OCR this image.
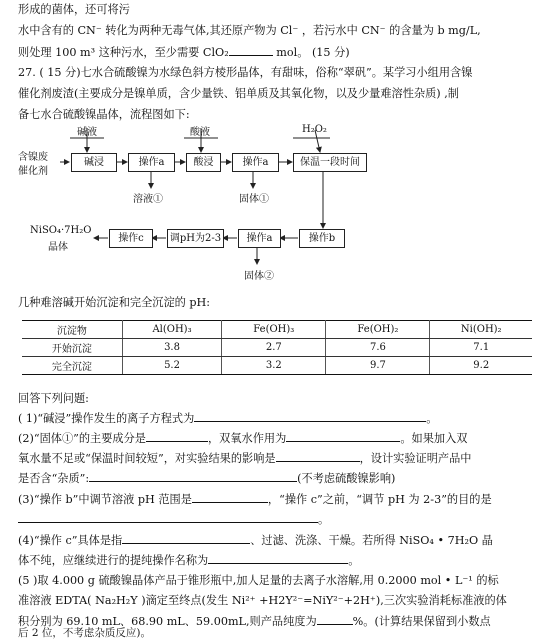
形成的菌体，还可将污
水中含有的 CN⁻ 转化为两种无毒气体,其还原产物为 Cl⁻ ，若污水中 CN⁻ 的含量为 b mg/L,
则处理 100 m³ 这种污水，至少需要 ClO₂	mol。 (15 分)
27. ( 15 分)七水合硫酸镍为水绿色斜方棱形晶体，有甜味，俗称“翠矾”。某学习小组用含镍
催化剂废渣(主要成分是镍单质，含少量铁、铝单质及其氧化物，以及少量难溶性杂质) ,制
备七水合硫酸镍晶体，流程图如下:
含镍废
催化剂
碱液	酸液	H₂O₂
碱浸	操作a	酸浸	操作a	保温一段时间
溶液①	固体①
操作b
操作a
调pH为2-3
操作c
NiSO₄·7H₂O
晶体
固体②
几种难溶碱开始沉淀和完全沉淀的 pH:
沉淀物	Al(OH)₃	Fe(OH)₃	Fe(OH)₂	Ni(OH)₂
开始沉淀	3.8	2.7	7.6	7.1
完全沉淀	5.2	3.2	9.7	9.2
回答下列问题:
( 1)“碱浸”操作发生的离子方程式为	。
(2)“固体①”的主要成分是	，双氧水作用为	。如果加入双
氧水量不足或“保温时间较短”，对实验结果的影响是	，设计实验证明产品中
是否含“杂质”:	(不考虑硫酸镍影响)
(3)“操作 b”中调节溶液 pH 范围是	，“操作 c”之前，“调节 pH 为 2-3”的目的是
。
(4)“操作 c”具体是指	、过滤、洗涤、干燥。若所得 NiSO₄ • 7H₂O 晶
体不纯，应继续进行的提纯操作名称为	。
(5 )取 4.000 g 硫酸镍晶体产品于锥形瓶中,加人足量的去离子水溶解,用 0.2000 mol • L⁻¹ 的标
准溶液 EDTA( Na₂H₂Y )滴定至终点(发生 Ni²⁺ +H2Y²⁻=NiY²⁻+2H⁺),三次实验消耗标准液的体
积分别为 69.10 mL、68.90 mL、59.00mL,则产品纯度为	%。(计算结果保留到小数点
后 2 位，不考虑杂质反应)。
